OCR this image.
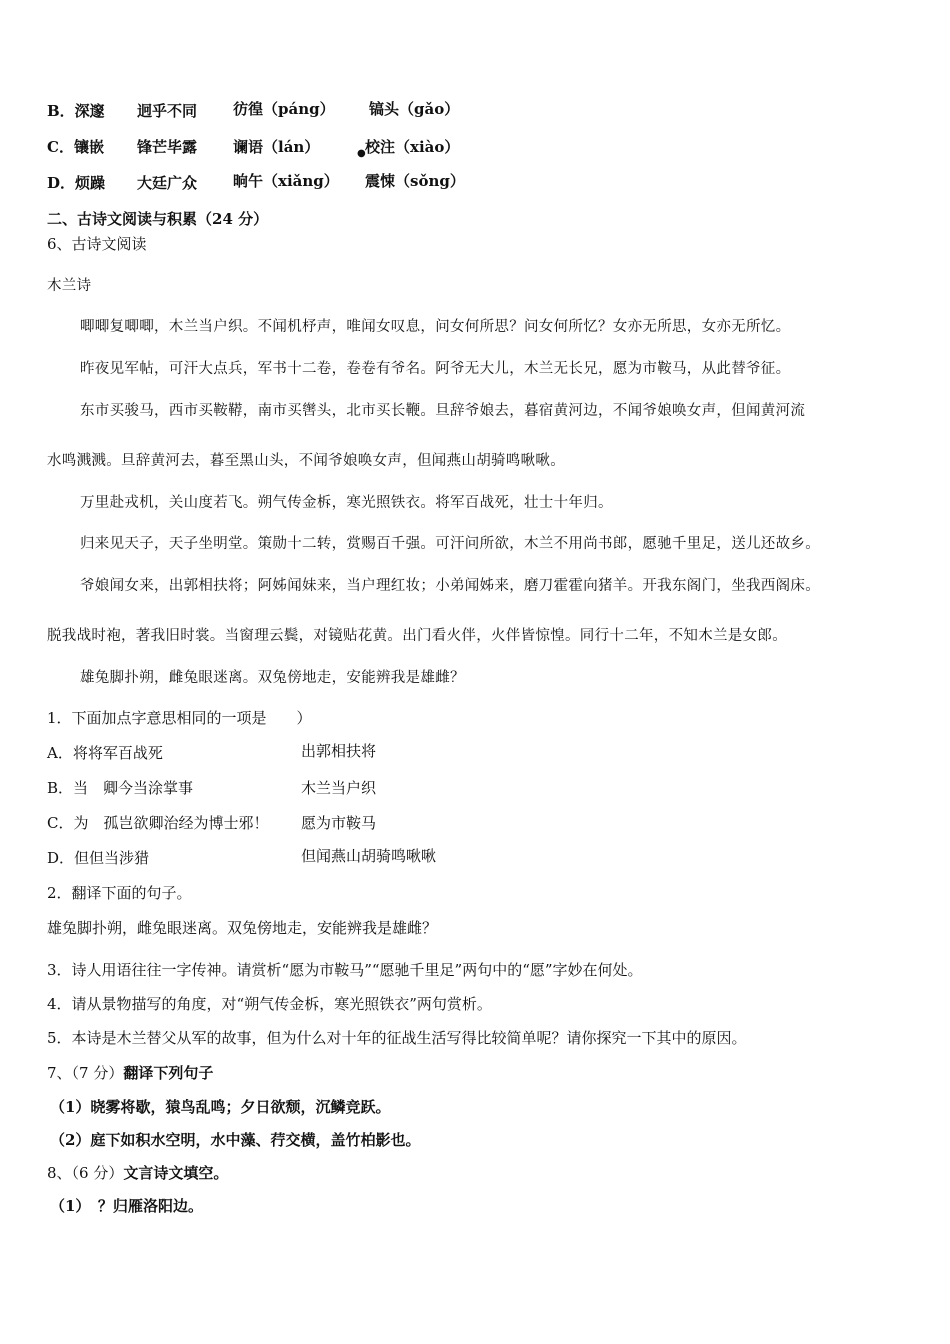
B．深邃 迥乎不同 彷徨（páng） 镐头（gǎo）
C．镶嵌 锋芒毕露 谰语（lán）	校注（xiào）
●
D．烦躁 大廷广众 晌午（xiǎng） 震悚（sǒng）
二、古诗文阅读与积累（24 分）
6、古诗文阅读
木兰诗
唧唧复唧唧，木兰当户织。不闻机杼声，唯闻女叹息，问女何所思？问女何所忆？女亦无所思，女亦无所忆。
昨夜见军帖，可汗大点兵，军书十二卷，卷卷有爷名。阿爷无大儿，木兰无长兄，愿为市鞍马，从此替爷征。
东市买骏马，西市买鞍鞯，南市买辔头，北市买长鞭。旦辞爷娘去，暮宿黄河边，不闻爷娘唤女声，但闻黄河流
水鸣溅溅。旦辞黄河去，暮至黑山头，不闻爷娘唤女声，但闻燕山胡骑鸣啾啾。
万里赴戎机，关山度若飞。朔气传金柝，寒光照铁衣。将军百战死，壮士十年归。
归来见天子，天子坐明堂。策勋十二转，赏赐百千强。可汗问所欲，木兰不用尚书郎，愿驰千里足，送儿还故乡。
爷娘闻女来，出郭相扶将；阿姊闻妹来，当户理红妆；小弟闻姊来，磨刀霍霍向猪羊。开我东阁门，坐我西阁床。
脱我战时袍，著我旧时裳。当窗理云鬓，对镜贴花黄。出门看火伴，火伴皆惊惶。同行十二年，不知木兰是女郎。
雄兔脚扑朔，雌兔眼迷离。双兔傍地走，安能辨我是雄雌？
1．下面加点字意思相同的一项是　　）
A．将将军百战死	出郭相扶将
B．当　卿今当涂掌事	木兰当户织
C．为　孤岂欲卿治经为博士邪！ 愿为市鞍马
D．但但当涉猎	但闻燕山胡骑鸣啾啾
2．翻译下面的句子。
雄兔脚扑朔，雌兔眼迷离。双兔傍地走，安能辨我是雄雌？
3．诗人用语往往一字传神。请赏析“愿为市鞍马”“愿驰千里足”两句中的“愿”字妙在何处。
4．请从景物描写的角度，对“朔气传金柝，寒光照铁衣”两句赏析。
5．本诗是木兰替父从军的故事，但为什么对十年的征战生活写得比较简单呢？请你探究一下其中的原因。
7、（7 分）翻译下列句子
（1）晓雾将歇，猿鸟乱鸣；夕日欲颓，沉鳞竞跃。
（2）庭下如积水空明，水中藻、荇交横，盖竹柏影也。
8、（6 分）文言诗文填空。
（1）　？归雁洛阳边。
